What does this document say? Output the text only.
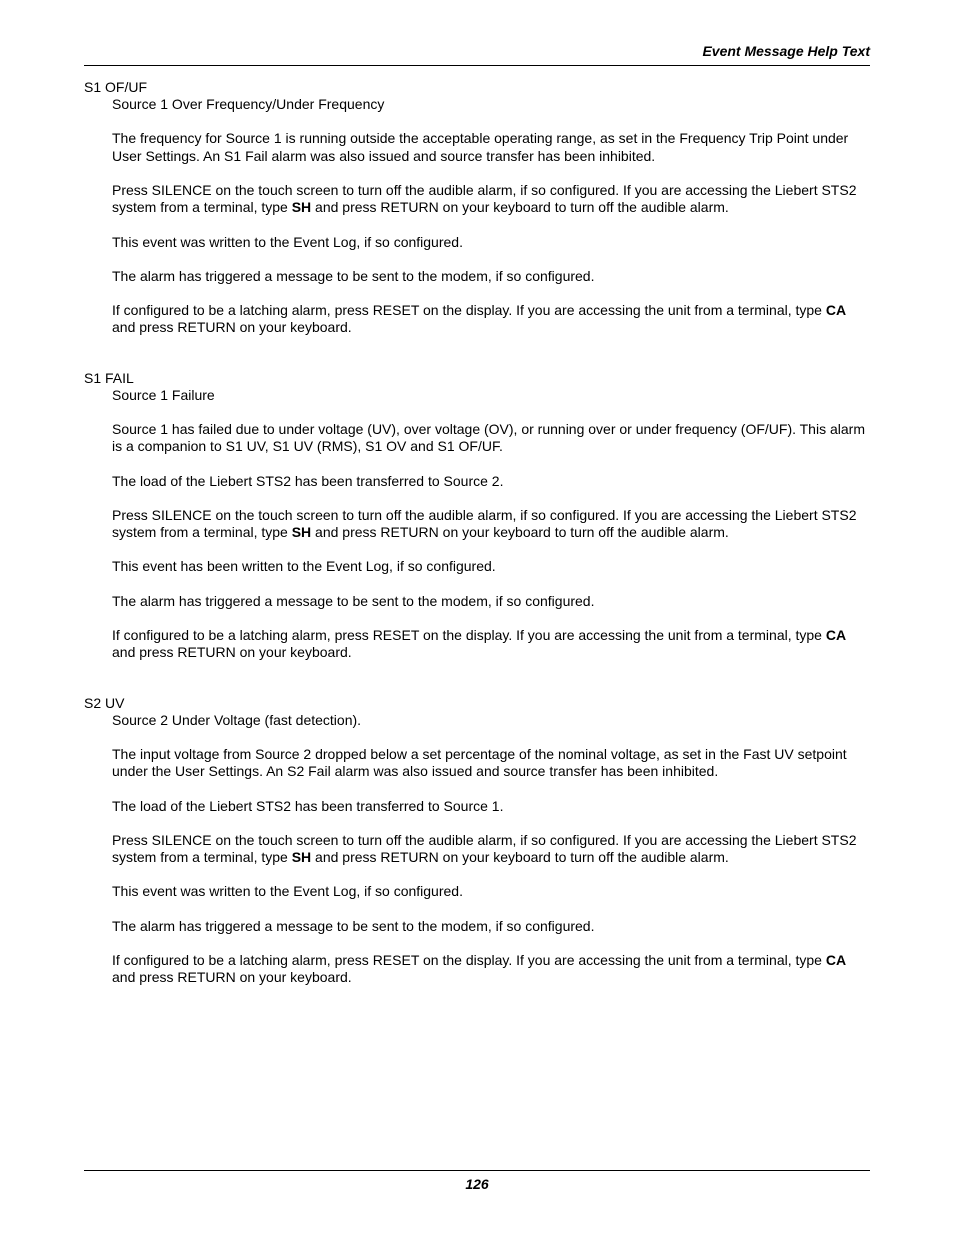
Event Message Help Text
S1 OF/UF
Source 1 Over Frequency/Under Frequency

The frequency for Source 1 is running outside the acceptable operating range, as set in the Frequency Trip Point under User Settings. An S1 Fail alarm was also issued and source transfer has been inhibited.

Press SILENCE on the touch screen to turn off the audible alarm, if so configured. If you are accessing the Liebert STS2 system from a terminal, type SH and press RETURN on your keyboard to turn off the audible alarm.

This event was written to the Event Log, if so configured.

The alarm has triggered a message to be sent to the modem, if so configured.

If configured to be a latching alarm, press RESET on the display. If you are accessing the unit from a terminal, type CA and press RETURN on your keyboard.

S1 FAIL
Source 1 Failure

Source 1 has failed due to under voltage (UV), over voltage (OV), or running over or under frequency (OF/UF). This alarm is a companion to S1 UV, S1 UV (RMS), S1 OV and S1 OF/UF.

The load of the Liebert STS2 has been transferred to Source 2.

Press SILENCE on the touch screen to turn off the audible alarm, if so configured. If you are accessing the Liebert STS2 system from a terminal, type SH and press RETURN on your keyboard to turn off the audible alarm.

This event has been written to the Event Log, if so configured.

The alarm has triggered a message to be sent to the modem, if so configured.

If configured to be a latching alarm, press RESET on the display. If you are accessing the unit from a terminal, type CA and press RETURN on your keyboard.

S2 UV
Source 2 Under Voltage (fast detection).

The input voltage from Source 2 dropped below a set percentage of the nominal voltage, as set in the Fast UV setpoint under the User Settings. An S2 Fail alarm was also issued and source transfer has been inhibited.

The load of the Liebert STS2 has been transferred to Source 1.

Press SILENCE on the touch screen to turn off the audible alarm, if so configured. If you are accessing the Liebert STS2 system from a terminal, type SH and press RETURN on your keyboard to turn off the audible alarm.

This event was written to the Event Log, if so configured.

The alarm has triggered a message to be sent to the modem, if so configured.

If configured to be a latching alarm, press RESET on the display. If you are accessing the unit from a terminal, type CA and press RETURN on your keyboard.

126
